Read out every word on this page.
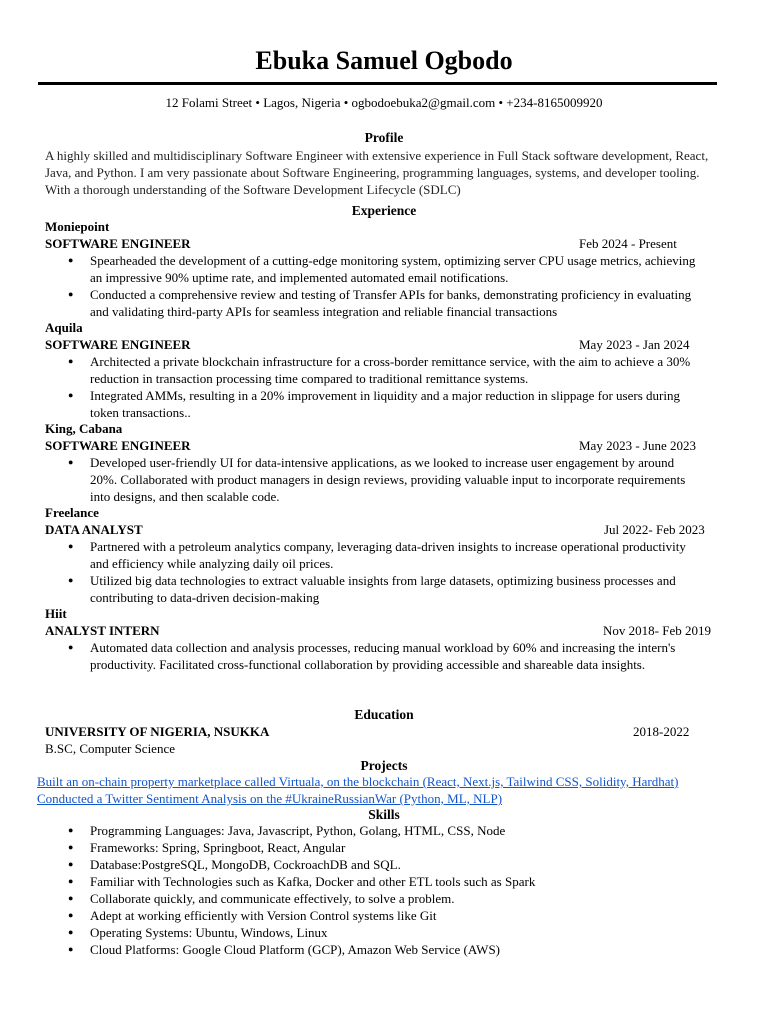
Ebuka Samuel Ogbodo
12 Folami Street • Lagos, Nigeria • ogbodoebuka2@gmail.com • +234-8165009920
Profile
A highly skilled and multidisciplinary Software Engineer with extensive experience in Full Stack software development, React, Java, and Python. I am very passionate about Software Engineering, programming languages, systems, and developer tooling. With a thorough understanding of the Software Development Lifecycle (SDLC)
Experience
Moniepoint
SOFTWARE ENGINEER	Feb 2024 - Present
● Spearheaded the development of a cutting-edge monitoring system, optimizing server CPU usage metrics, achieving an impressive 90% uptime rate, and implemented automated email notifications.
● Conducted a comprehensive review and testing of Transfer APIs for banks, demonstrating proficiency in evaluating and validating third-party APIs for seamless integration and reliable financial transactions
Aquila
SOFTWARE ENGINEER	May 2023 - Jan 2024
● Architected a private blockchain infrastructure for a cross-border remittance service, with the aim to achieve a 30% reduction in transaction processing time compared to traditional remittance systems.
● Integrated AMMs, resulting in a 20% improvement in liquidity and a major reduction in slippage for users during token transactions..
King, Cabana
SOFTWARE ENGINEER	May 2023 - June 2023
● Developed user-friendly UI for data-intensive applications, as we looked to increase user engagement by around 20%. Collaborated with product managers in design reviews, providing valuable input to incorporate requirements into designs, and then scalable code.
Freelance
DATA ANALYST	Jul 2022- Feb 2023
● Partnered with a petroleum analytics company, leveraging data-driven insights to increase operational productivity and efficiency while analyzing daily oil prices.
● Utilized big data technologies to extract valuable insights from large datasets, optimizing business processes and contributing to data-driven decision-making
Hiit
ANALYST INTERN	Nov 2018- Feb 2019
● Automated data collection and analysis processes, reducing manual workload by 60% and increasing the intern's productivity. Facilitated cross-functional collaboration by providing accessible and shareable data insights.
Education
UNIVERSITY OF NIGERIA, NSUKKA	2018-2022
B.SC, Computer Science
Projects
Built an on-chain property marketplace called Virtuala, on the blockchain (React, Next.js, Tailwind CSS, Solidity, Hardhat)
Conducted a Twitter Sentiment Analysis on the #UkraineRussianWar (Python, ML, NLP)
Skills
● Programming Languages: Java, Javascript, Python, Golang, HTML, CSS, Node
● Frameworks: Spring, Springboot, React, Angular
● Database:PostgreSQL, MongoDB, CockroachDB and SQL.
● Familiar with Technologies such as Kafka, Docker and other ETL tools such as Spark
● Collaborate quickly, and communicate effectively, to solve a problem.
● Adept at working efficiently with Version Control systems like Git
● Operating Systems: Ubuntu, Windows, Linux
● Cloud Platforms: Google Cloud Platform (GCP), Amazon Web Service (AWS)
